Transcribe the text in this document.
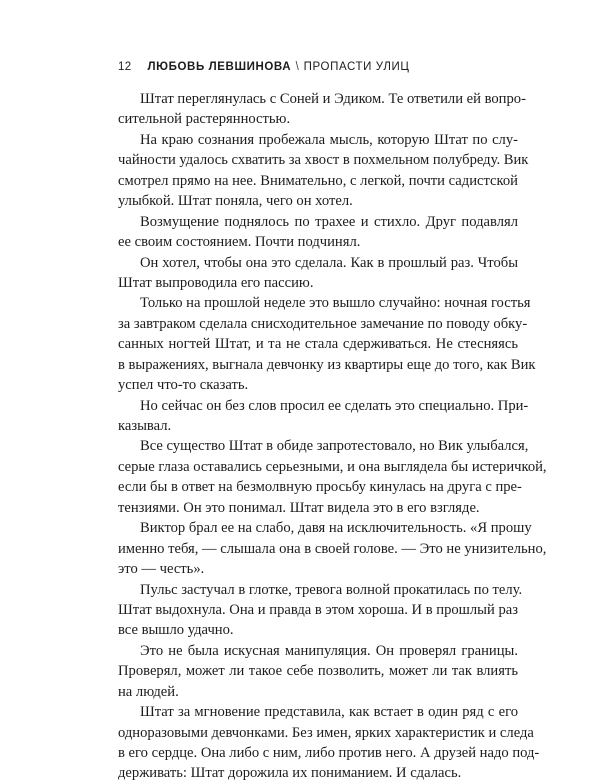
12 ЛЮБОВЬ ЛЕВШИНОВА \ ПРОПАСТИ УЛИЦ
Штат переглянулась с Соней и Эдиком. Те ответили ей вопро-
сительной растерянностью.
На краю сознания пробежала мысль, которую Штат по слу-
чайности удалось схватить за хвост в похмельном полубреду. Вик
смотрел прямо на нее. Внимательно, с легкой, почти садистской
улыбкой. Штат поняла, чего он хотел.
Возмущение поднялось по трахее и стихло. Друг подавлял
ее своим состоянием. Почти подчинял.
Он хотел, чтобы она это сделала. Как в прошлый раз. Чтобы
Штат выпроводила его пассию.
Только на прошлой неделе это вышло случайно: ночная гостья
за завтраком сделала снисходительное замечание по поводу обку-
санных ногтей Штат, и та не стала сдерживаться. Не стесняясь
в выражениях, выгнала девчонку из квартиры еще до того, как Вик
успел что-то сказать.
Но сейчас он без слов просил ее сделать это специально. При-
казывал.
Все существо Штат в обиде запротестовало, но Вик улыбался,
серые глаза оставались серьезными, и она выглядела бы истеричкой,
если бы в ответ на безмолвную просьбу кинулась на друга с пре-
тензиями. Он это понимал. Штат видела это в его взгляде.
Виктор брал ее на слабо, давя на исключительность. «Я прошу
именно тебя, — слышала она в своей голове. — Это не унизительно,
это — честь».
Пульс застучал в глотке, тревога волной прокатилась по телу.
Штат выдохнула. Она и правда в этом хороша. И в прошлый раз
все вышло удачно.
Это не была искусная манипуляция. Он проверял границы.
Проверял, может ли такое себе позволить, может ли так влиять
на людей.
Штат за мгновение представила, как встает в один ряд с его
одноразовыми девчонками. Без имен, ярких характеристик и следа
в его сердце. Она либо с ним, либо против него. А друзей надо под-
держивать: Штат дорожила их пониманием. И сдалась.
